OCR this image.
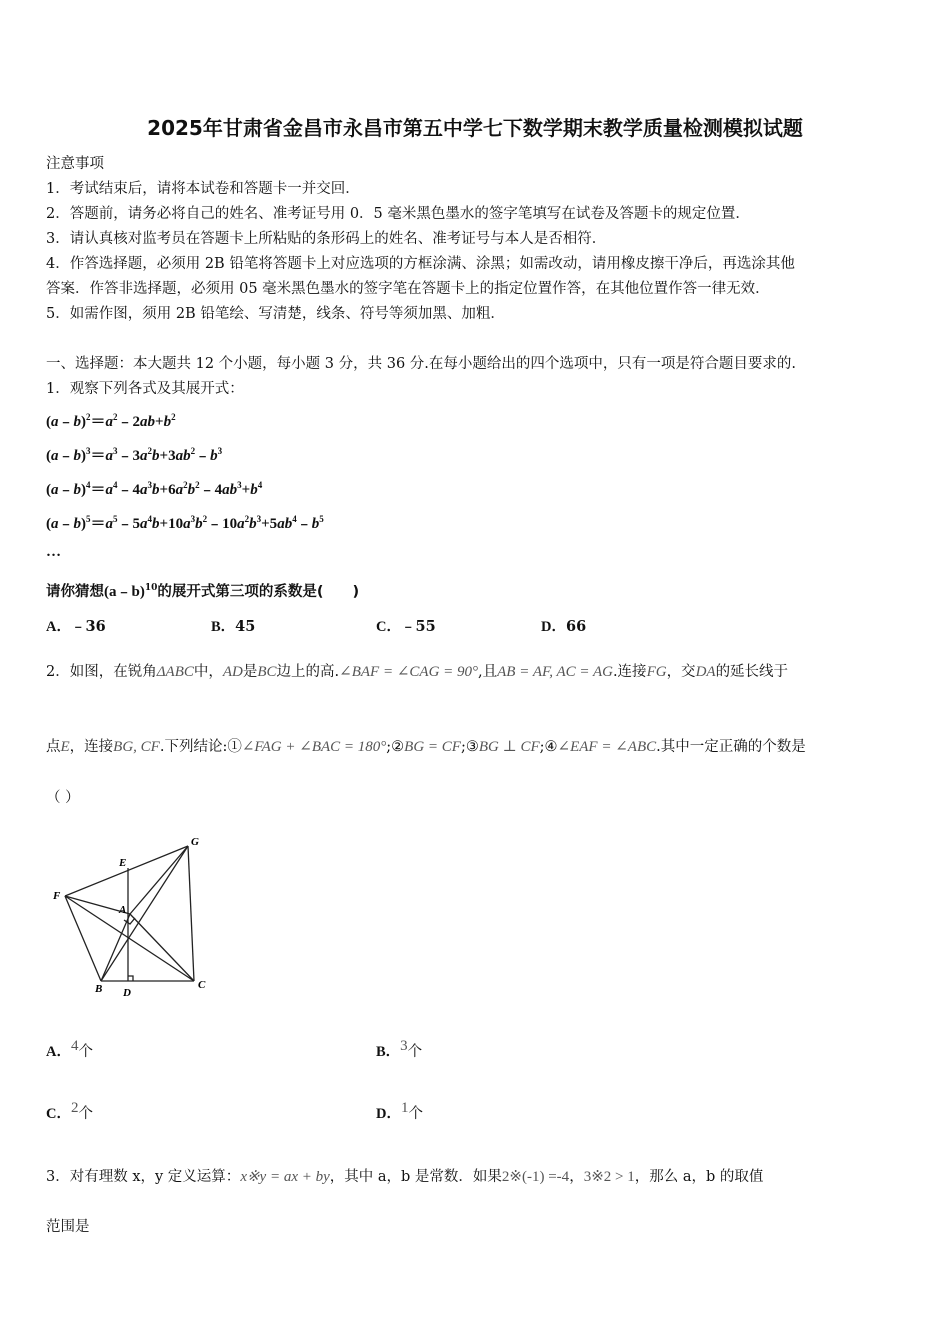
2025年甘肃省金昌市永昌市第五中学七下数学期末教学质量检测模拟试题
注意事项
1．考试结束后，请将本试卷和答题卡一并交回．
2．答题前，请务必将自己的姓名、准考证号用 0．5 毫米黑色墨水的签字笔填写在试卷及答题卡的规定位置．
3．请认真核对监考员在答题卡上所粘贴的条形码上的姓名、准考证号与本人是否相符．
4．作答选择题，必须用 2B 铅笔将答题卡上对应选项的方框涂满、涂黑；如需改动，请用橡皮擦干净后，再选涂其他
答案．作答非选择题，必须用 05 毫米黑色墨水的签字笔在答题卡上的指定位置作答，在其他位置作答一律无效．
5．如需作图，须用 2B 铅笔绘、写清楚，线条、符号等须加黑、加粗．
一、选择题：本大题共 12 个小题，每小题 3 分，共 36 分.在每小题给出的四个选项中，只有一项是符合题目要求的.
1．观察下列各式及其展开式：
$(a﹣b)^2=a^2﹣2ab+b^2$
$(a﹣b)^3=a^3﹣3a^2b+3ab^2﹣b^3$
$(a﹣b)^4=a^4﹣4a^3b+6a^2b^2﹣4ab^3+b^4$
$(a﹣b)^5=a^5﹣5a^4b+10a^3b^2﹣10a^2b^3+5ab^4﹣b^5$
…
请你猜想(a﹣b)$^{10}$的展开式第三项的系数是(　　)
A．﹣36	B．45	C．﹣55	D．66
2．如图，在锐角ΔABC中，AD是BC边上的高.∠BAF = ∠CAG = 90°,且AB = AF, AC = AG.连接FG，交DA的延长线于
点E，连接BG, CF.下列结论:①∠FAG + ∠BAC = 180°;②BG = CF;③BG ⊥ CF;④∠EAF = ∠ABC.其中一定正确的个数是
（ ）
G
E
F
A
B D
C
A．$^4$个	B．$^3$个
C．$^2$个	D．$^1$个
3．对有理数 x，y 定义运算：x※y = ax + by，其中 a，b 是常数．如果2※(-1) =-4，3※2 > 1，那么 a，b 的取值
范围是
